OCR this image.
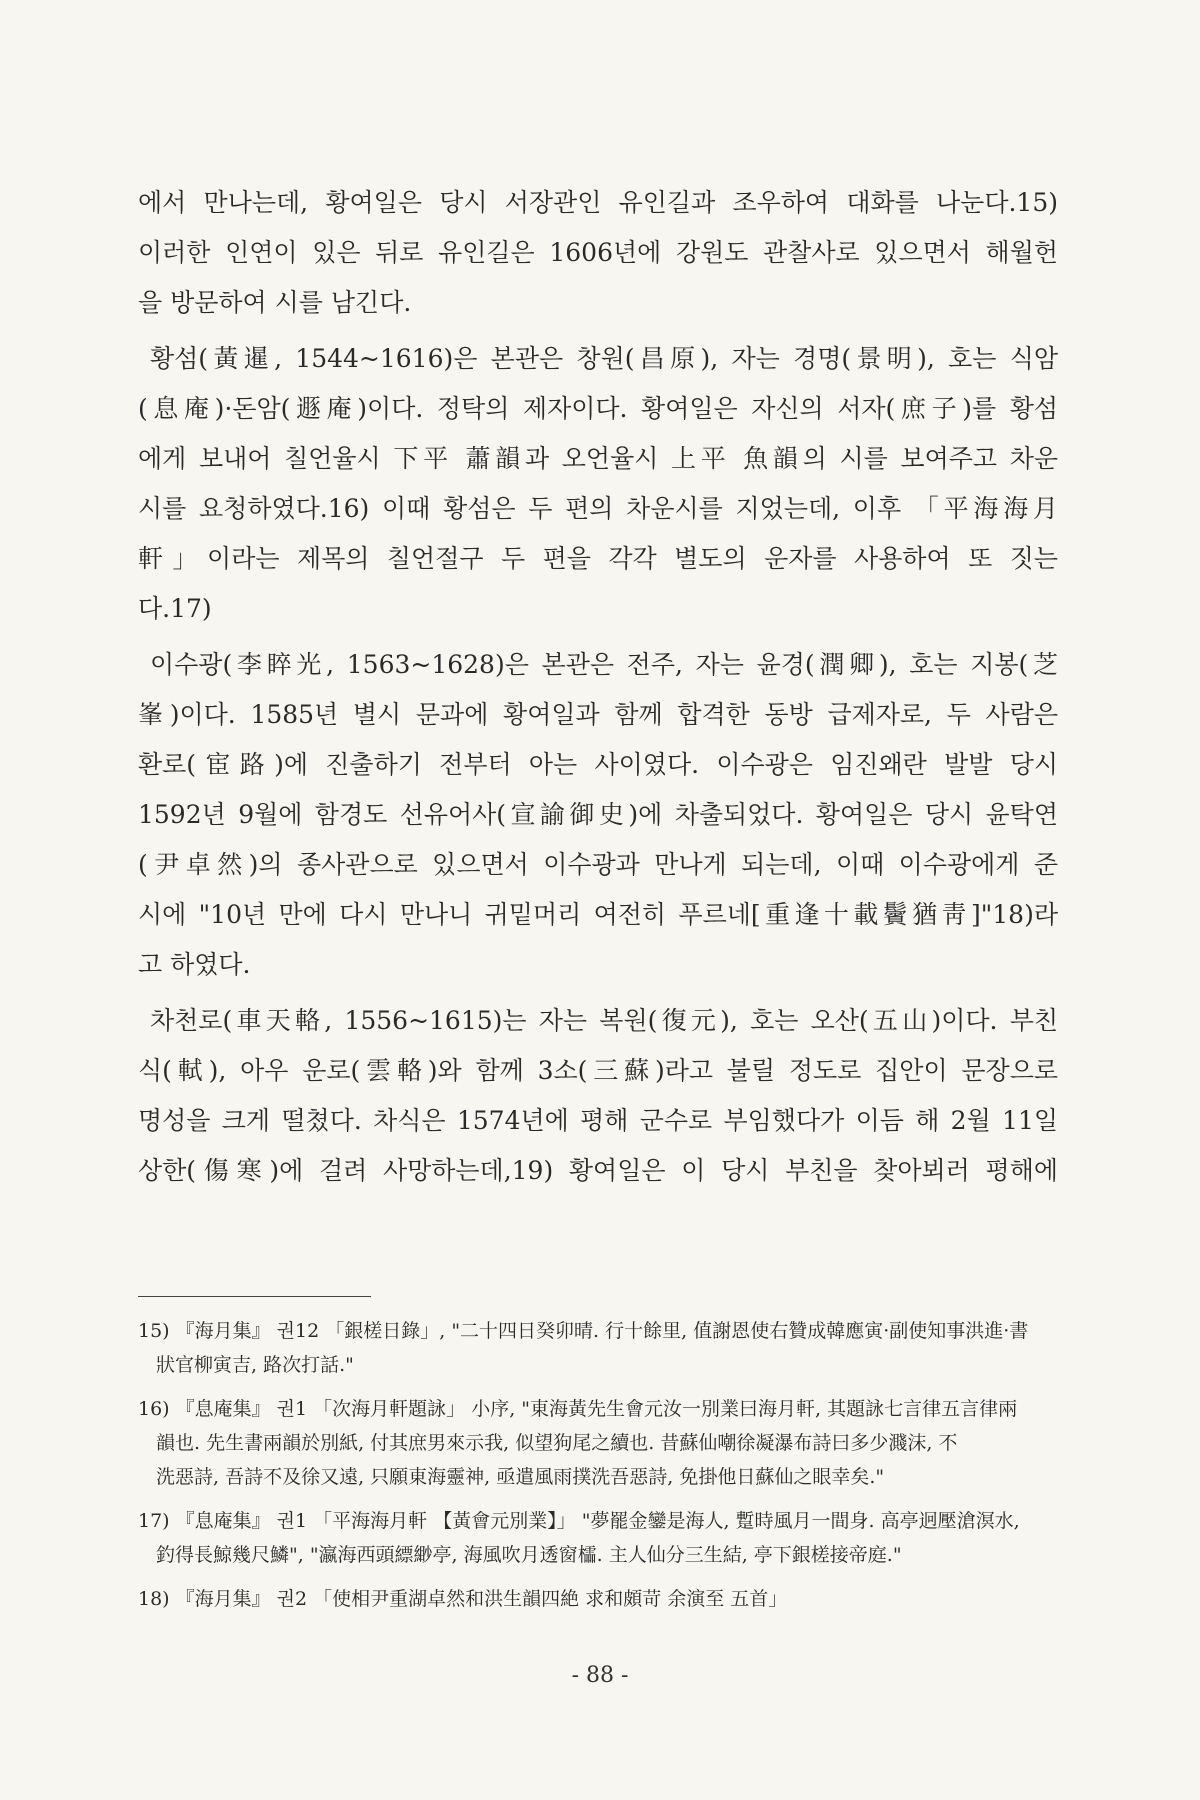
에서 만나는데, 황여일은 당시 서장관인 유인길과 조우하여 대화를 나눈다.15)
이러한 인연이 있은 뒤로 유인길은 1606년에 강원도 관찰사로 있으면서 해월헌
을 방문하여 시를 남긴다.
황섬(黃暹, 1544~1616)은 본관은 창원(昌原), 자는 경명(景明), 호는 식암
(息庵)·돈암(遯庵)이다. 정탁의 제자이다. 황여일은 자신의 서자(庶子)를 황섬
에게 보내어 칠언율시 下平 蕭韻과 오언율시 上平 魚韻의 시를 보여주고 차운
시를 요청하였다.16) 이때 황섬은 두 편의 차운시를 지었는데, 이후 「平海海月
軒」이라는 제목의 칠언절구 두 편을 각각 별도의 운자를 사용하여 또 짓는
다.17)
이수광(李睟光, 1563~1628)은 본관은 전주, 자는 윤경(潤卿), 호는 지봉(芝
峯)이다. 1585년 별시 문과에 황여일과 함께 합격한 동방 급제자로, 두 사람은
환로(宦路)에 진출하기 전부터 아는 사이였다. 이수광은 임진왜란 발발 당시
1592년 9월에 함경도 선유어사(宣諭御史)에 차출되었다. 황여일은 당시 윤탁연
(尹卓然)의 종사관으로 있으면서 이수광과 만나게 되는데, 이때 이수광에게 준
시에 "10년 만에 다시 만나니 귀밑머리 여전히 푸르네[重逢十載鬢猶靑]"18)라
고 하였다.
차천로(車天輅, 1556~1615)는 자는 복원(復元), 호는 오산(五山)이다. 부친
식(軾), 아우 운로(雲輅)와 함께 3소(三蘇)라고 불릴 정도로 집안이 문장으로
명성을 크게 떨쳤다. 차식은 1574년에 평해 군수로 부임했다가 이듬 해 2월 11일
상한(傷寒)에 걸려 사망하는데,19) 황여일은 이 당시 부친을 찾아뵈러 평해에
15) 『海月集』 권12 「銀槎日錄」, "二十四日癸卯晴. 行十餘里, 值謝恩使右贊成韓應寅·副使知事洪進·書
狀官柳寅吉, 路次打話."
16) 『息庵集』 권1 「次海月軒題詠」 小序, "東海黃先生會元汝一別業曰海月軒, 其題詠七言律五言律兩
韻也. 先生書兩韻於別紙, 付其庶男來示我, 似望狗尾之續也. 昔蘇仙嘲徐凝瀑布詩曰多少濺沫, 不
洗惡詩, 吾詩不及徐又遠, 只願東海靈神, 亟遣風雨撲洗吾惡詩, 免掛他日蘇仙之眼幸矣."
17) 『息庵集』 권1 「平海海月軒 【黃會元別業】」 "夢罷金鑾是海人, 蹔時風月一間身. 高亭迥壓滄溟水,
釣得長鯨幾尺鱗", "瀛海西頭縹緲亭, 海風吹月透窗櫺. 主人仙分三生結, 亭下銀槎接帝庭."
18) 『海月集』 권2 「使相尹重湖卓然和洪生韻四絶 求和頗苛 余演至 五首」
- 88 -
